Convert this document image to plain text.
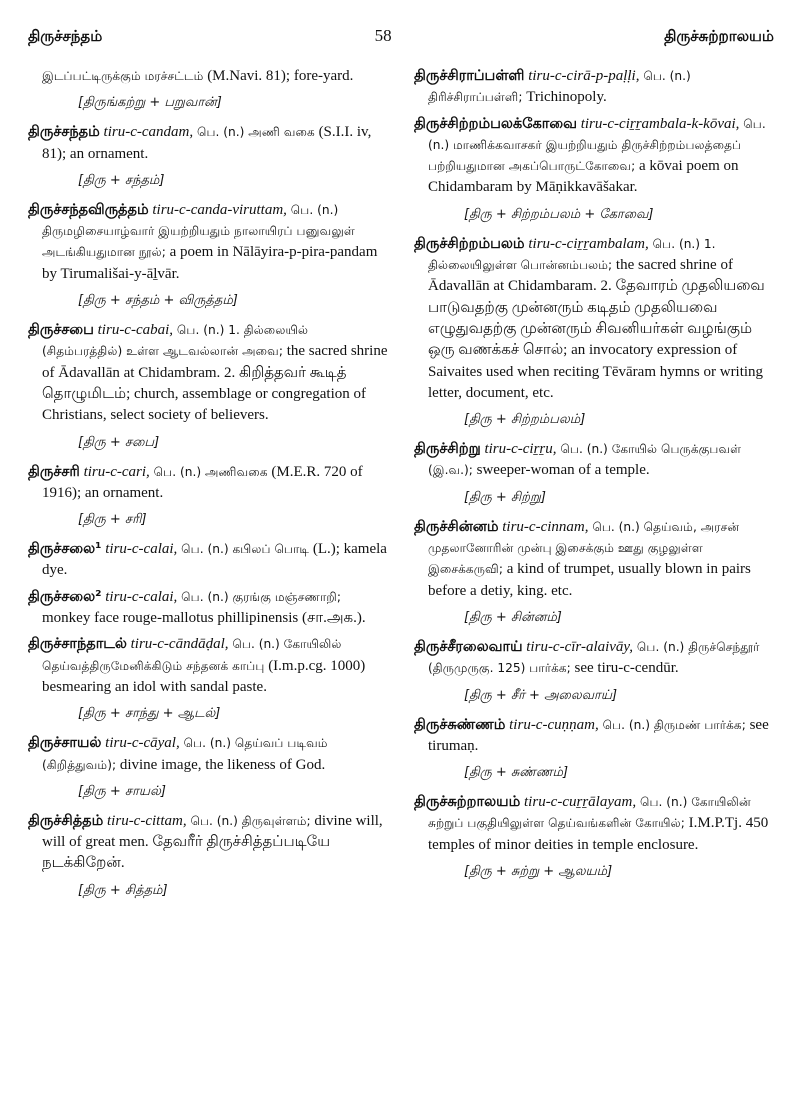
திருச்சந்தம்	58	திருச்சுற்றாலயம்
இடப்பட்டிருக்கும் மரச்சட்டம் (M.Navi. 81); fore-yard.
[திருங்கற்று + பறுவான்]
திருச்சந்தம் tiru-c-candam, பெ. (n.) அணி வகை (S.I.I. iv, 81); an ornament.
[திரு + சந்தம்]
திருச்சந்தவிருத்தம் tiru-c-canda-viruttam, பெ. (n.) திருமழிசையாழ்வார் இயற்றியதும் நாலாயிரப் பனுவலுள் அடங்கியதுமான நூல்; a poem in Nālāyira-p-pira-pandam by Tirumališai-y-āḻvār.
[திரு + சந்தம் + விருத்தம்]
திருச்சபை tiru-c-cabai, பெ. (n.) 1. தில்லையில் (சிதம்பரத்தில்) உள்ள ஆடவல்லான் அவை; the sacred shrine of Ādavallān at Chidambram. 2. கிறித்தவர் கூடித் தொழுமிடம்; church, assemblage or congregation of Christians, select society of believers.
[திரு + சபை]
திருச்சரி tiru-c-cari, பெ. (n.) அணிவகை (M.E.R. 720 of 1916); an ornament.
[திரு + சரி]
திருச்சலை¹ tiru-c-calai, பெ. (n.) கபிலப் பொடி (L.); kamela dye.
திருச்சலை² tiru-c-calai, பெ. (n.) குரங்கு மஞ்சணாறி; monkey face rouge-mallotus phillipinensis (சா.அக.).
திருச்சாந்தாடல் tiru-c-cāndāḍal, பெ. (n.) கோயிலில் தெய்வத்திருமேனிக்கிடும் சந்தனக் காப்பு (I.m.p.cg. 1000) besmearing an idol with sandal paste.
[திரு + சாந்து + ஆடல்]
திருச்சாயல் tiru-c-cāyal, பெ. (n.) தெய்வப் படிவம் (கிறித்துவம்); divine image, the likeness of God.
[திரு + சாயல்]
திருச்சித்தம் tiru-c-cittam, பெ. (n.) திருவுள்ளம்; divine will, will of great men. தேவரீர் திருச்சித்தப்படியே நடக்கிறேன்.
[திரு + சித்தம்]
திருச்சிராப்பள்ளி tiru-c-cirā-p-paḷḷi, பெ. (n.) திரிச்சிராப்பள்ளி; Trichinopoly.
திருச்சிற்றம்பலக்கோவை tiru-c-ciṟṟambala-k-kōvai, பெ. (n.) மாணிக்கவாசகர் இயற்றியதும் திருச்சிற்றம்பலத்தைப் பற்றியதுமான அகப்பொருட்கோவை; a kōvai poem on Chidambaram by Māṇikkavāšakar.
[திரு + சிற்றம்பலம் + கோவை]
திருச்சிற்றம்பலம் tiru-c-ciṟṟambalam, பெ. (n.) 1. தில்லையிலுள்ள பொன்னம்பலம்; the sacred shrine of Ādavallān at Chidambaram. 2. தேவாரம் முதலியவை பாடுவதற்கு முன்னரும் கடிதம் முதலியவை எழுதுவதற்கு முன்னரும் சிவனியர்கள் வழங்கும் ஒரு வணக்கச் சொல்; an invocatory expression of Saivaites used when reciting Tēvāram hymns or writing letter, document, etc.
[திரு + சிற்றம்பலம்]
திருச்சிற்று tiru-c-ciṟṟu, பெ. (n.) கோயில் பெருக்குபவள் (இ.வ.); sweeper-woman of a temple.
[திரு + சிற்று]
திருச்சின்னம் tiru-c-cinnam, பெ. (n.) தெய்வம், அரசன் முதலானோரின் முன்பு இசைக்கும் ஊது குழலுள்ள இசைக்கருவி; a kind of trumpet, usually blown in pairs before a detiy, king. etc.
[திரு + சின்னம்]
திருச்சீரலைவாய் tiru-c-cīr-alaivāy, பெ. (n.) திருச்செந்தூர் (திருமுருகு. 125) பார்க்க; see tiru-c-cendūr.
[திரு + சீர் + அலைவாய்]
திருச்சுண்ணம் tiru-c-cuṇṇam, பெ. (n.) திருமண் பார்க்க; see tirumaṇ.
[திரு + சுண்ணம்]
திருச்சுற்றாலயம் tiru-c-cuṟṟālayam, பெ. (n.) கோயிலின் சுற்றுப் பகுதியிலுள்ள தெய்வங்களின் கோயில்; I.M.P.Tj. 450 temples of minor deities in temple enclosure.
[திரு + சுற்று + ஆலயம்]
